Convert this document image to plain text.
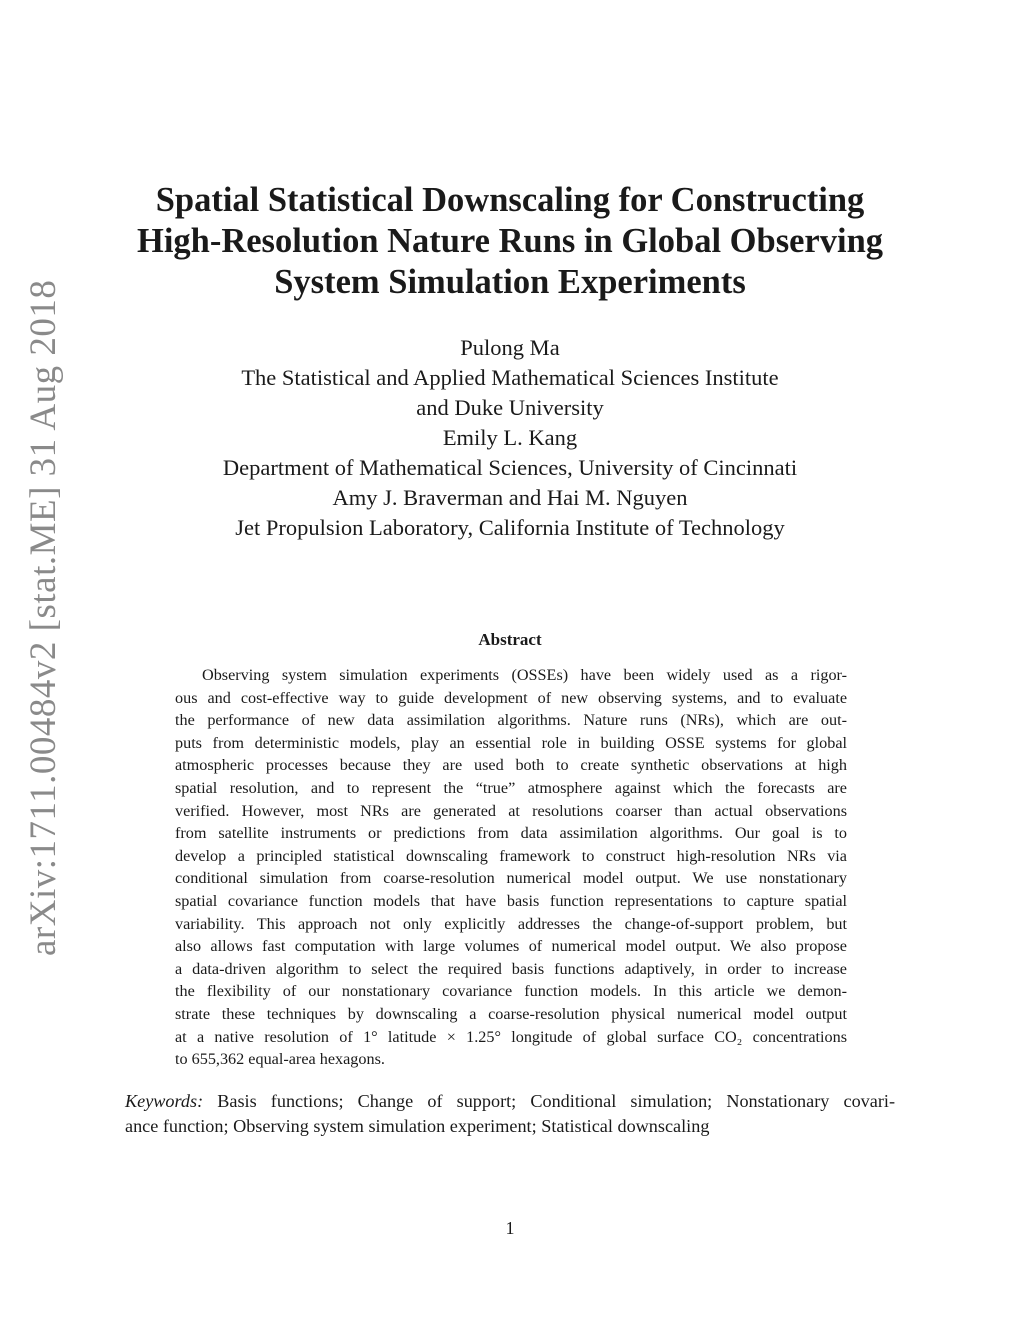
arXiv:1711.00484v2 [stat.ME] 31 Aug 2018
Spatial Statistical Downscaling for Constructing
High-Resolution Nature Runs in Global Observing
System Simulation Experiments
Pulong Ma
The Statistical and Applied Mathematical Sciences Institute
and Duke University
Emily L. Kang
Department of Mathematical Sciences, University of Cincinnati
Amy J. Braverman and Hai M. Nguyen
Jet Propulsion Laboratory, California Institute of Technology
Abstract
Observing system simulation experiments (OSSEs) have been widely used as a rigor-
ous and cost-effective way to guide development of new observing systems, and to evaluate
the performance of new data assimilation algorithms. Nature runs (NRs), which are out-
puts from deterministic models, play an essential role in building OSSE systems for global
atmospheric processes because they are used both to create synthetic observations at high
spatial resolution, and to represent the “true” atmosphere against which the forecasts are
verified. However, most NRs are generated at resolutions coarser than actual observations
from satellite instruments or predictions from data assimilation algorithms. Our goal is to
develop a principled statistical downscaling framework to construct high-resolution NRs via
conditional simulation from coarse-resolution numerical model output. We use nonstationary
spatial covariance function models that have basis function representations to capture spatial
variability. This approach not only explicitly addresses the change-of-support problem, but
also allows fast computation with large volumes of numerical model output. We also propose
a data-driven algorithm to select the required basis functions adaptively, in order to increase
the flexibility of our nonstationary covariance function models. In this article we demon-
strate these techniques by downscaling a coarse-resolution physical numerical model output
at a native resolution of 1° latitude × 1.25° longitude of global surface CO₂ concentrations
to 655,362 equal-area hexagons.
Keywords: Basis functions; Change of support; Conditional simulation; Nonstationary covari-
ance function; Observing system simulation experiment; Statistical downscaling
1
